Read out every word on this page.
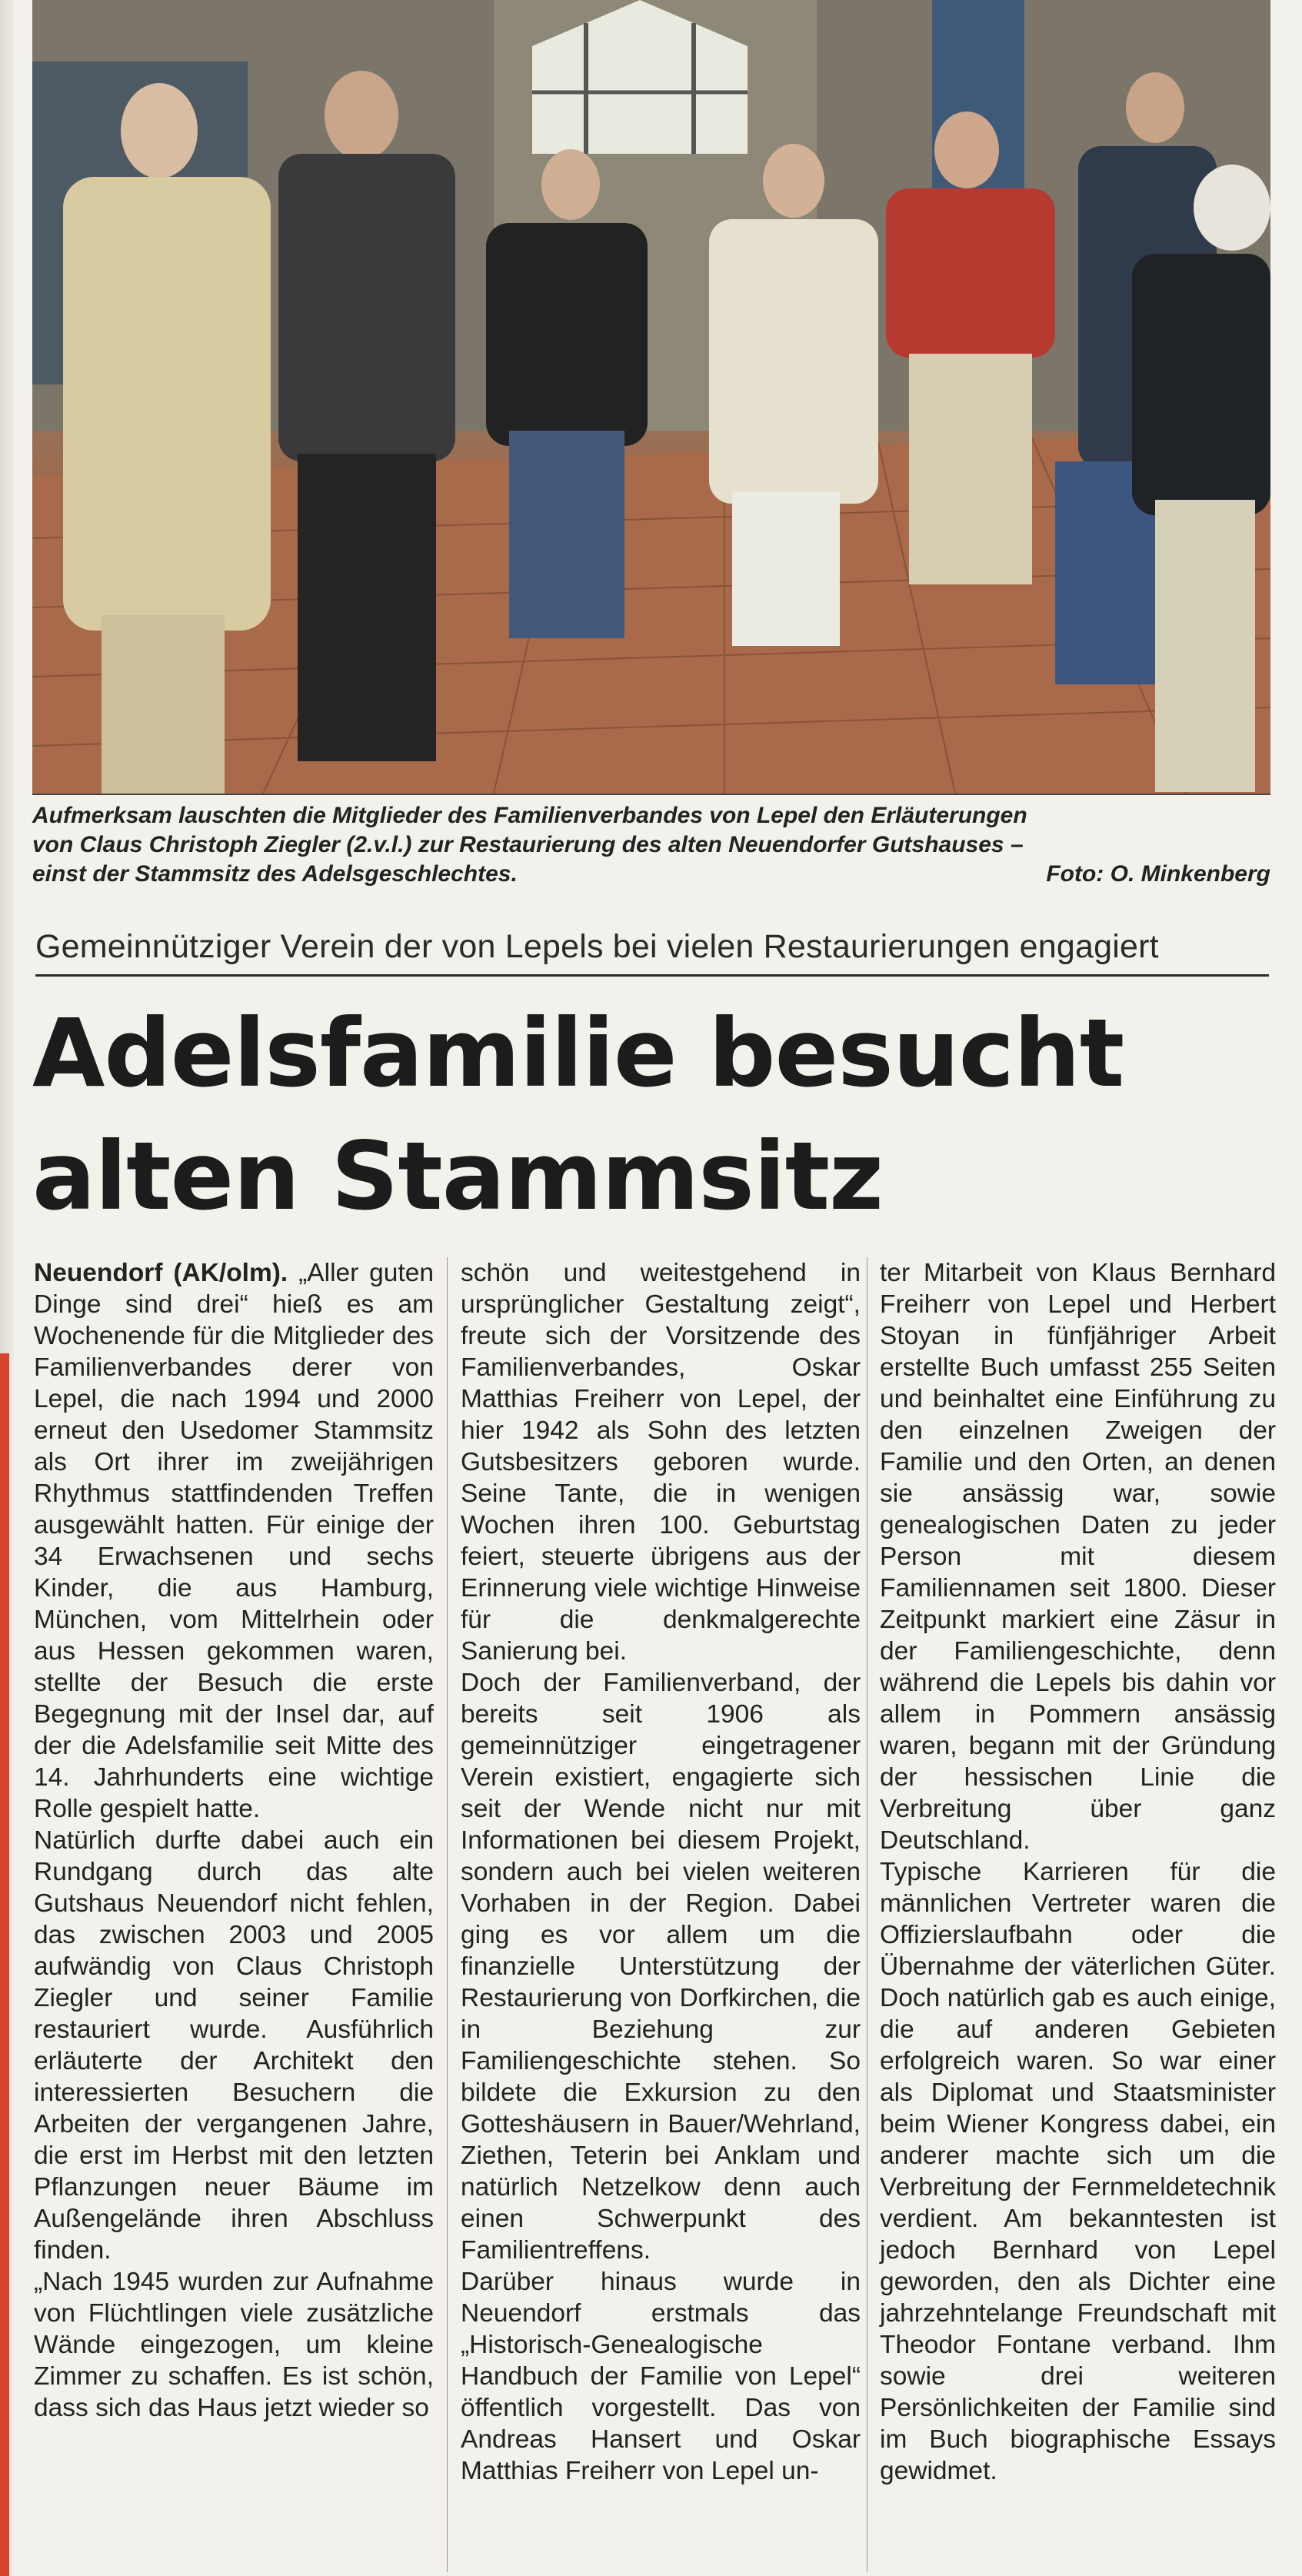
Aufmerksam lauschten die Mitglieder des Familienverbandes von Lepel den Erläuterungen

von Claus Christoph Ziegler (2.v.l.) zur Restaurierung des alten Neuendorfer Gutshauses –

einst der Stammsitz des Adelsgeschlechtes.	Foto: O. Minkenberg
Gemeinnütziger Verein der von Lepels bei vielen Restaurierungen engagiert
Adelsfamilie besucht
alten Stammsitz

Neuendorf (AK/olm). „Aller guten Dinge sind drei“ hieß es am Wochenende für die Mitglieder des Familienverbandes derer von Lepel, die nach 1994 und 2000 erneut den Usedomer Stammsitz als Ort ihrer im zweijährigen Rhythmus stattfindenden Treffen ausgewählt hatten. Für einige der 34 Erwachsenen und sechs Kinder, die aus Hamburg, München, vom Mittelrhein oder aus Hessen gekommen waren, stellte der Besuch die erste Begegnung mit der Insel dar, auf der die Adelsfamilie seit Mitte des 14. Jahrhunderts eine wichtige Rolle gespielt hatte.

Natürlich durfte dabei auch ein Rundgang durch das alte Gutshaus Neuendorf nicht fehlen, das zwischen 2003 und 2005 aufwändig von Claus Christoph Ziegler und seiner Familie restauriert wurde. Ausführlich erläuterte der Architekt den interessierten Besuchern die Arbeiten der vergangenen Jahre, die erst im Herbst mit den letzten Pflanzungen neuer Bäume im Außengelände ihren Abschluss finden.

„Nach 1945 wurden zur Aufnahme von Flüchtlingen viele zusätzliche Wände eingezogen, um kleine Zimmer zu schaffen. Es ist schön, dass sich das Haus jetzt wieder so

schön und weitestgehend in ursprünglicher Gestaltung zeigt“, freute sich der Vorsitzende des Familienverbandes, Oskar Matthias Freiherr von Lepel, der hier 1942 als Sohn des letzten Gutsbesitzers geboren wurde. Seine Tante, die in wenigen Wochen ihren 100. Geburtstag feiert, steuerte übrigens aus der Erinnerung viele wichtige Hinweise für die denkmalgerechte Sanierung bei.

Doch der Familienverband, der bereits seit 1906 als gemeinnütziger eingetragener Verein existiert, engagierte sich seit der Wende nicht nur mit Informationen bei diesem Projekt, sondern auch bei vielen weiteren Vorhaben in der Region. Dabei ging es vor allem um die finanzielle Unterstützung der Restaurierung von Dorfkirchen, die in Beziehung zur Familiengeschichte stehen. So bildete die Exkursion zu den Gotteshäusern in Bauer/Wehrland, Ziethen, Teterin bei Anklam und natürlich Netzelkow denn auch einen Schwerpunkt des Familientreffens.

Darüber hinaus wurde in Neuendorf erstmals das „Historisch-Genealogische Handbuch der Familie von Lepel“ öffentlich vorgestellt. Das von Andreas Hansert und Oskar Matthias Freiherr von Lepel un-

ter Mitarbeit von Klaus Bernhard Freiherr von Lepel und Herbert Stoyan in fünfjähriger Arbeit erstellte Buch umfasst 255 Seiten und beinhaltet eine Einführung zu den einzelnen Zweigen der Familie und den Orten, an denen sie ansässig war, sowie genealogischen Daten zu jeder Person mit diesem Familiennamen seit 1800. Dieser Zeitpunkt markiert eine Zäsur in der Familiengeschichte, denn während die Lepels bis dahin vor allem in Pommern ansässig waren, begann mit der Gründung der hessischen Linie die Verbreitung über ganz Deutschland.

Typische Karrieren für die männlichen Vertreter waren die Offizierslaufbahn oder die Übernahme der väterlichen Güter. Doch natürlich gab es auch einige, die auf anderen Gebieten erfolgreich waren. So war einer als Diplomat und Staatsminister beim Wiener Kongress dabei, ein anderer machte sich um die Verbreitung der Fernmeldetechnik verdient. Am bekanntesten ist jedoch Bernhard von Lepel geworden, den als Dichter eine jahrzehntelange Freundschaft mit Theodor Fontane verband. Ihm sowie drei weiteren Persönlichkeiten der Familie sind im Buch biographische Essays gewidmet.
